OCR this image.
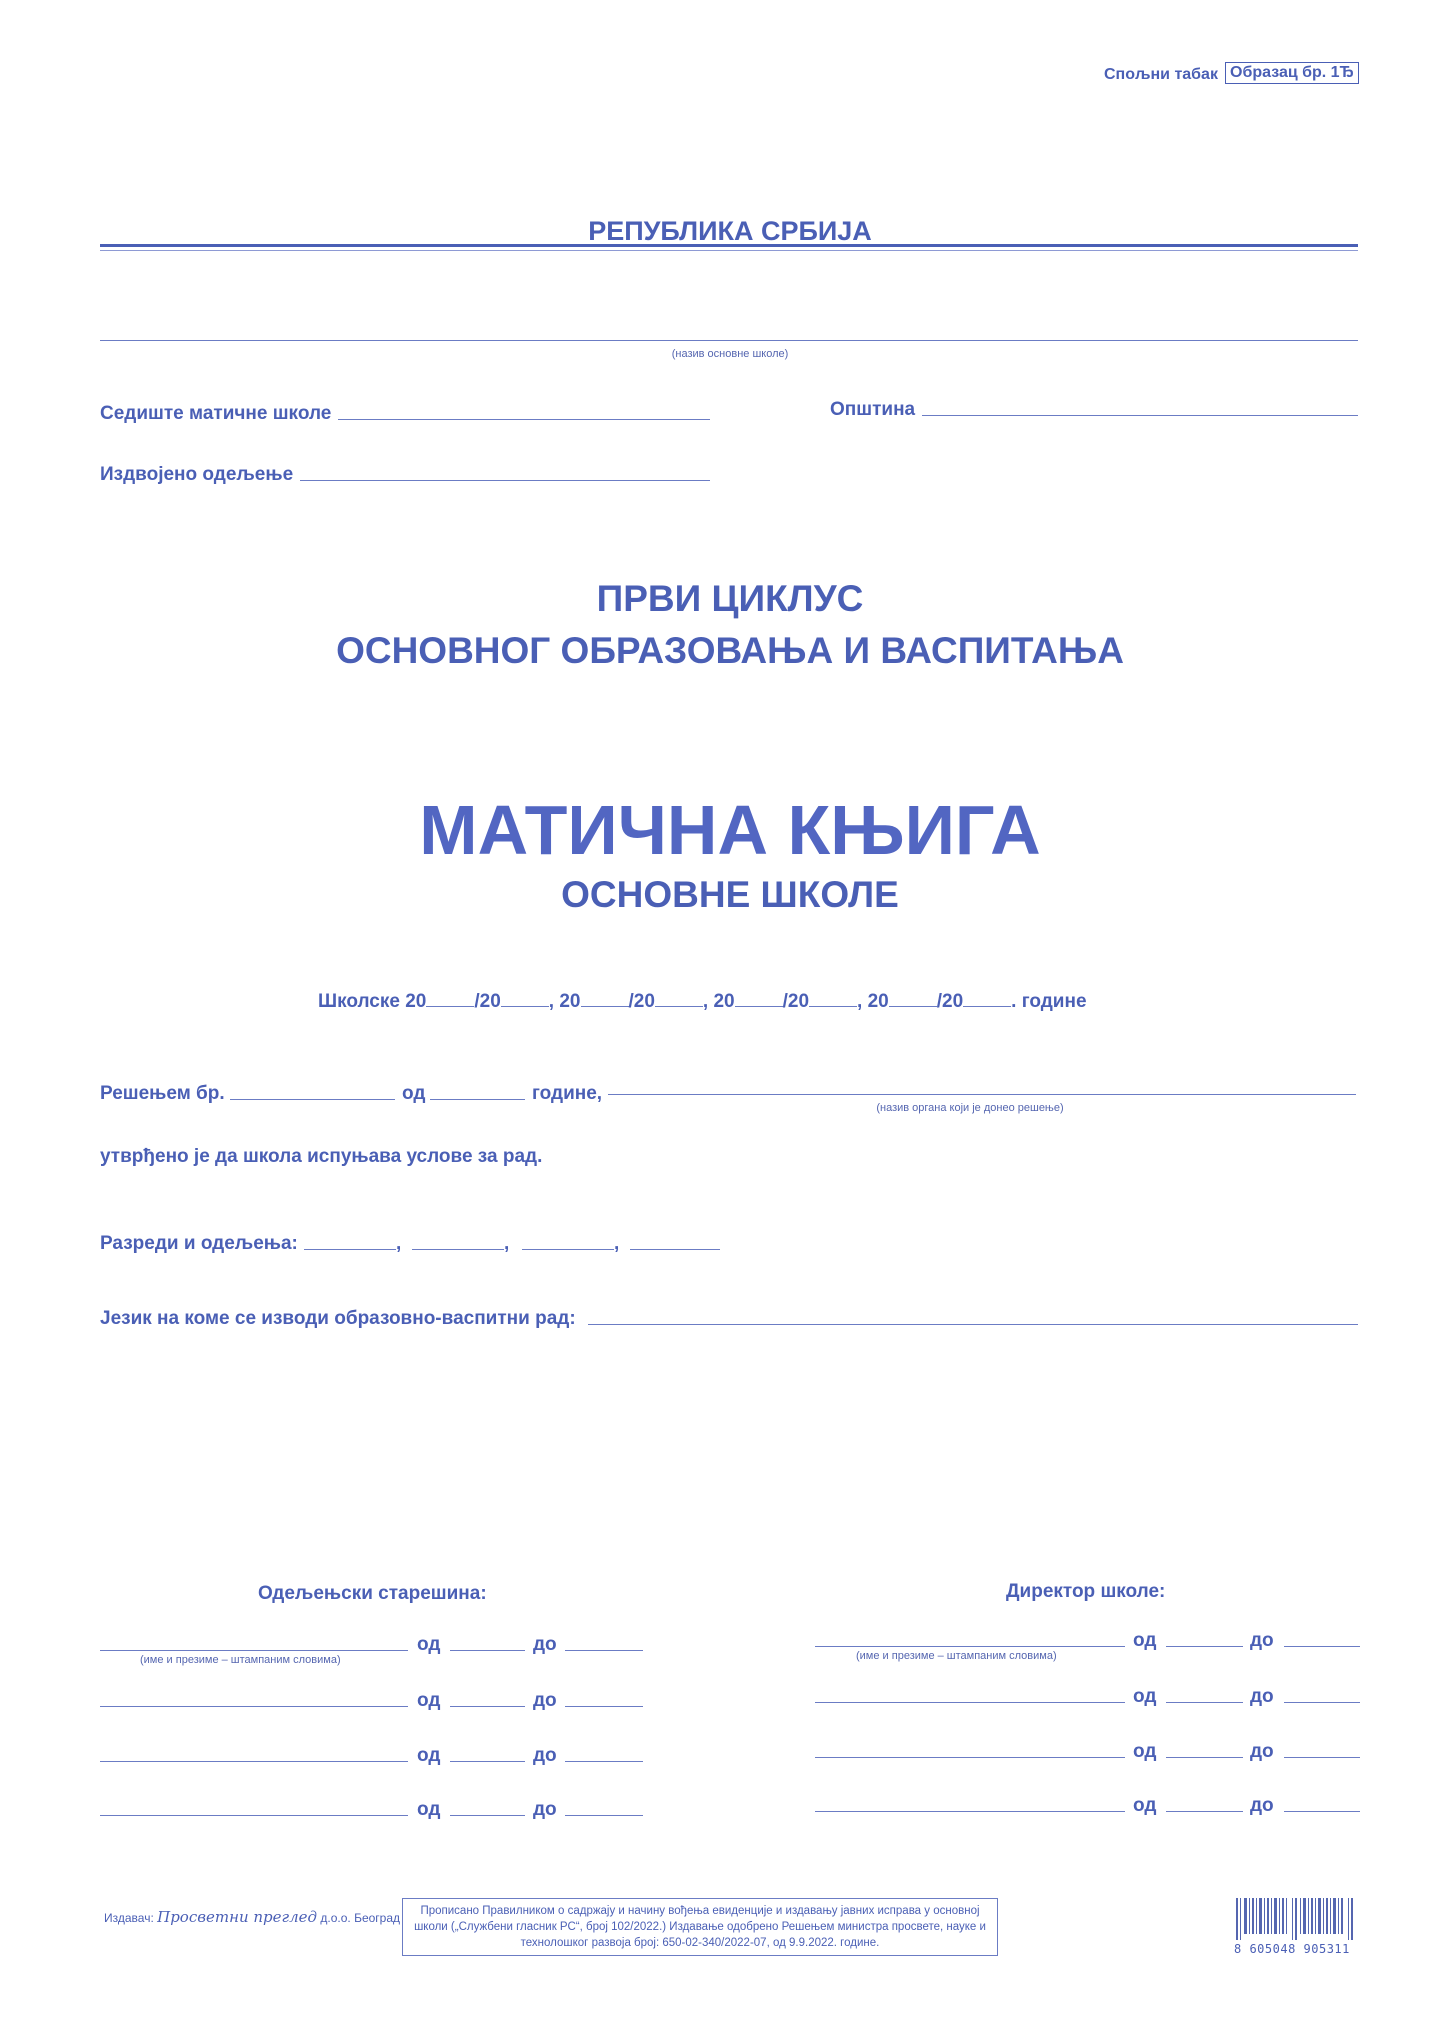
Спољни табак Образац бр. 1Ђ
РЕПУБЛИКА СРБИЈА
(назив основне школе)
Седиште матичне школе	Општина
Издвојено одељење
ПРВИ ЦИКЛУС
ОСНОВНОГ ОБРАЗОВАЊА И ВАСПИТАЊА
МАТИЧНА КЊИГА
ОСНОВНЕ ШКОЛЕ
Школске 20	/20	, 20	/20	, 20	/20	, 20	/20	. године
Решењем бр.	од	године,
(назив органа који је донео решење)
утврђено је да школа испуњава услове за рад.
Разреди и одељења:	,	,	,
Језик на коме се изводи образовно-васпитни рад:
Одељењски старешина:	Директор школе:
од	до
(име и презиме – штампаним словима)
од	до
од	до
од	до
од	до
(име и презиме – штампаним словима)
од	до
од	до
од	до
Издавач: Просветни преглед д.о.о. Београд	Прописано Правилником о садржају и начину вођења евиденције и издавању јавних исправа у основној школи („Службени гласник РС“, број 102/2022.) Издавање одобрено Решењем министра просвете, науке и технолошког развоја број: 650-02-340/2022-07, од 9.9.2022. године.	8 605048 905311
